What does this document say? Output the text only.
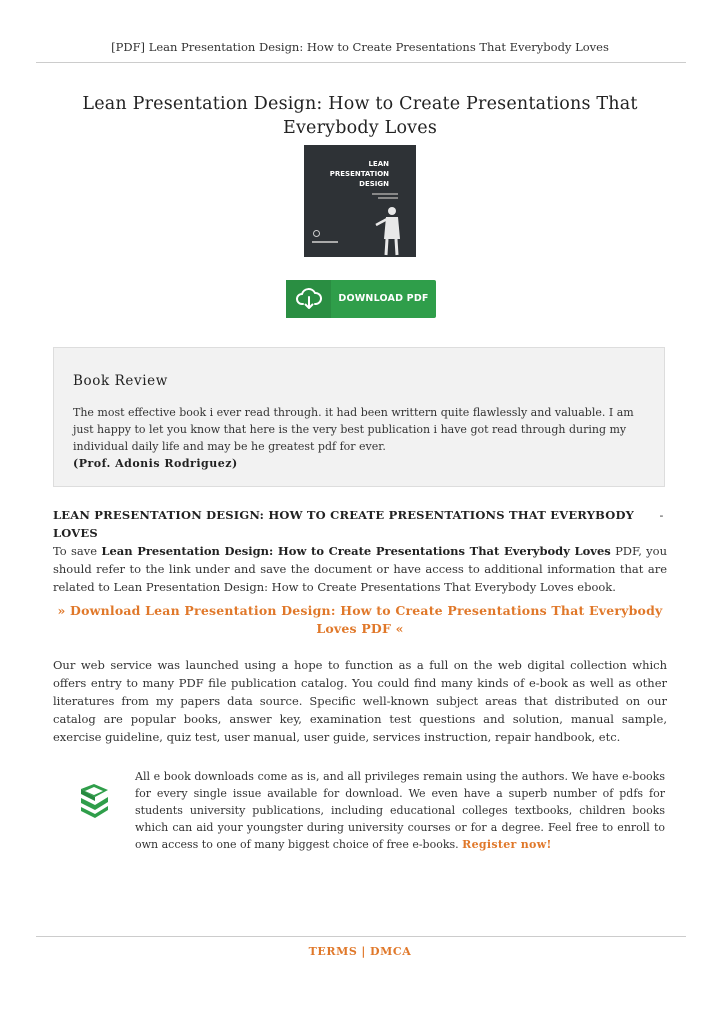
[PDF] Lean Presentation Design: How to Create Presentations That Everybody Loves
Lean Presentation Design: How to Create Presentations That Everybody Loves
LEAN
PRESENTATION
DESIGN
DOWNLOAD PDF
Book Review
The most effective book i ever read through. it had been writtern quite flawlessly and valuable. I am just happy to let you know that here is the very best publication i have got read through during my individual daily life and may be he greatest pdf for ever.
(Prof. Adonis Rodriguez)
LEAN PRESENTATION DESIGN: HOW TO CREATE PRESENTATIONS THAT EVERYBODY LOVES
-
To save Lean Presentation Design: How to Create Presentations That Everybody Loves PDF, you should refer to the link under and save the document or have access to additional information that are related to Lean Presentation Design: How to Create Presentations That Everybody Loves ebook.
» Download Lean Presentation Design: How to Create Presentations That Everybody Loves PDF «
Our web service was launched using a hope to function as a full on the web digital collection which offers entry to many PDF file publication catalog. You could find many kinds of e-book as well as other literatures from my papers data source. Specific well-known subject areas that distributed on our catalog are popular books, answer key, examination test questions and solution, manual sample, exercise guideline, quiz test, user manual, user guide, services instruction, repair handbook, etc.
All e book downloads come as is, and all privileges remain using the authors. We have e-books for every single issue available for download. We even have a superb number of pdfs for students university publications, including educational colleges textbooks, children books which can aid your youngster during university courses or for a degree. Feel free to enroll to own access to one of many biggest choice of free e-books. Register now!
TERMS | DMCA
